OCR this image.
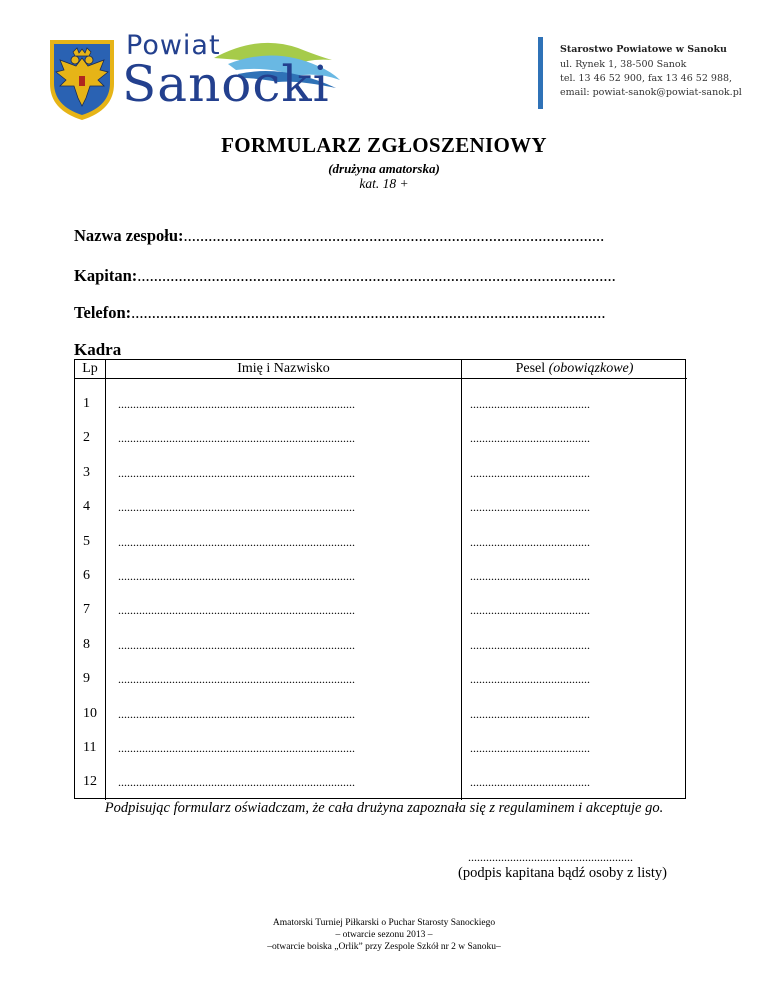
Powiat
Sanocki
Starostwo Powiatowe w Sanoku
ul. Rynek 1, 38-500 Sanok
tel. 13 46 52 900, fax 13 46 52 988,
email: powiat-sanok@powiat-sanok.pl
FORMULARZ ZGŁOSZENIOWY
(drużyna amatorska)
kat. 18 +
Nazwa zespołu:......................................................................................................
Kapitan:....................................................................................................................
Telefon:...................................................................................................................
Kadra
Lp	Imię i Nazwisko	Pesel (obowiązkowe)
1 ...............................................................................	........................................
2 ...............................................................................	........................................
3 ...............................................................................	........................................
4 ...............................................................................	........................................
5 ...............................................................................	........................................
6 ...............................................................................	........................................
7 ...............................................................................	........................................
8 ...............................................................................	........................................
9 ...............................................................................	........................................
10 ...............................................................................	........................................
11 ...............................................................................	........................................
12 ...............................................................................	........................................
Podpisując formularz oświadczam, że cała drużyna zapoznała się z regulaminem i akceptuje go.
.......................................................
(podpis kapitana bądź osoby z listy)
Amatorski Turniej Piłkarski o Puchar Starosty Sanockiego
– otwarcie sezonu 2013 –
–otwarcie boiska „Orlik” przy Zespole Szkół nr 2 w Sanoku–
